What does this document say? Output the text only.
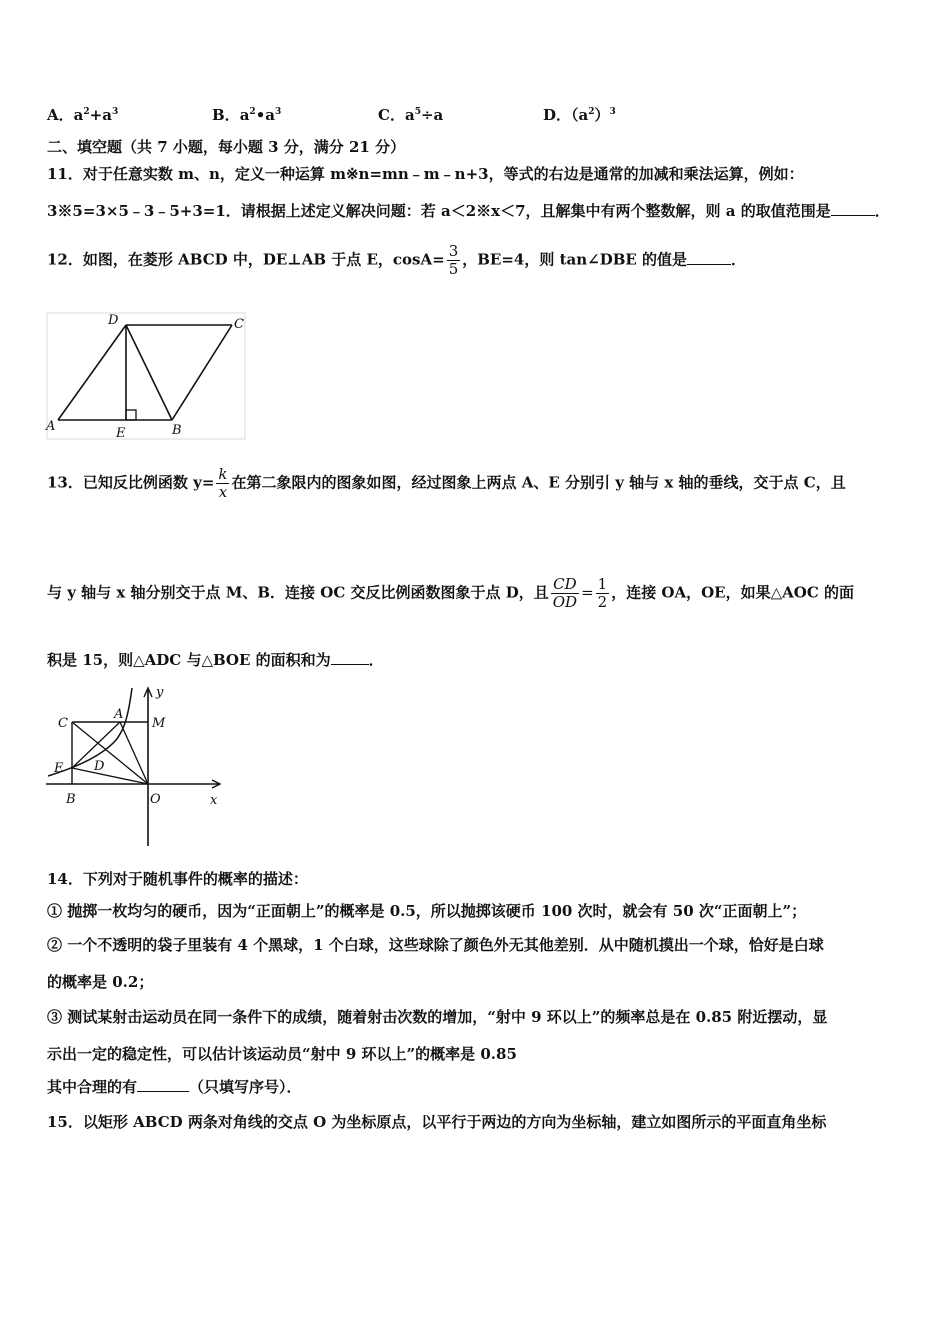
A．$a^2+a^3$	B．$a^2•a^3$	C．$a^5\div a$	D．$(a^2)^3$
二、填空题（共 7 小题，每小题 3 分，满分 21 分）
11．对于任意实数 m、n，定义一种运算 m※n=mn﹣m﹣n+3，等式的右边是通常的加减和乘法运算，例如：
3※5=3×5﹣3﹣5+3=1．请根据上述定义解决问题：若 a＜2※x＜7，且解集中有两个整数解，则 a 的取值范围是	．
12．如图，在菱形 ABCD 中，DE⊥AB 于点 E，$\cos A= \frac{3}{5}$ ，BE=4，则 tan∠DBE 的值是	．
D	C
A	B
E
13．已知反比例函数 $y= \frac{k}{x}$ 在第二象限内的图象如图，经过图象上两点 A、E 分别引 y 轴与 x 轴的垂线，交于点 C，且
与 y 轴与 x 轴分别交于点 M、B．连接 OC 交反比例函数图象于点 D，且 $\frac{CD}{OD} = \frac{1}{2}$ ，连接 OA，OE，如果△AOC 的面
积是 15，则△ADC 与△BOE 的面积和为	．
C
A
M
y
E D
B	O	x
14．下列对于随机事件的概率的描述：
① 抛掷一枚均匀的硬币，因为“正面朝上”的概率是 0.5，所以抛掷该硬币 100 次时，就会有 50 次“正面朝上”；
② 一个不透明的袋子里装有 4 个黑球，1 个白球，这些球除了颜色外无其他差别．从中随机摸出一个球，恰好是白球
的概率是 0.2；
③ 测试某射击运动员在同一条件下的成绩，随着射击次数的增加，“射中 9 环以上”的频率总是在 0.85 附近摆动，显
示出一定的稳定性，可以估计该运动员“射中 9 环以上”的概率是 0.85
其中合理的有	（只填写序号）．
15．以矩形 ABCD 两条对角线的交点 O 为坐标原点，以平行于两边的方向为坐标轴，建立如图所示的平面直角坐标
